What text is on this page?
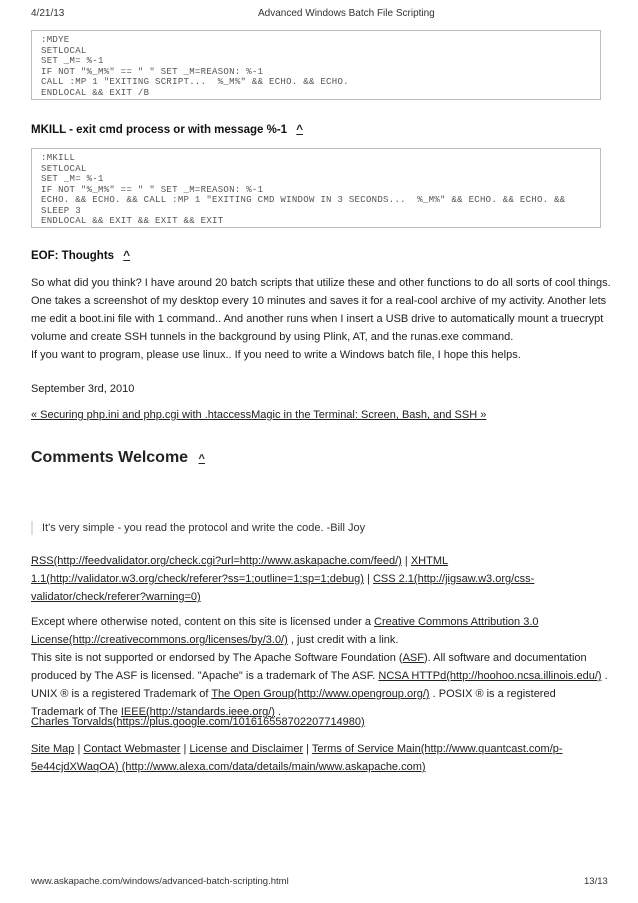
4/21/13	Advanced Windows Batch File Scripting
:MDYE
SETLOCAL
SET _M= %-1
IF NOT "%_M%" == " " SET _M=REASON: %-1
CALL :MP 1 "EXITING SCRIPT...  %_M%" && ECHO. && ECHO.
ENDLOCAL && EXIT /B
MKILL - exit cmd process or with message %-1 ^
:MKILL
SETLOCAL
SET _M= %-1
IF NOT "%_M%" == " " SET _M=REASON: %-1
ECHO. && ECHO. && CALL :MP 1 "EXITING CMD WINDOW IN 3 SECONDS...  %_M%" && ECHO. && ECHO. &&
SLEEP 3
ENDLOCAL && EXIT && EXIT && EXIT
EOF: Thoughts ^

So what did you think? I have around 20 batch scripts that utilize these and other functions to do all sorts of cool things. One takes a screenshot of my desktop every 10 minutes and saves it for a real-cool archive of my activity. Another lets me edit a boot.ini file with 1 command.. And another runs when I insert a USB drive to automatically mount a truecrypt volume and create SSH tunnels in the background by using Plink, AT, and the runas.exe command.

If you want to program, please use linux.. If you need to write a Windows batch file, I hope this helps.

September 3rd, 2010

« Securing php.ini and php.cgi with .htaccessMagic in the Terminal: Screen, Bash, and SSH »

Comments Welcome ^
It's very simple - you read the protocol and write the code. -Bill Joy

RSS(http://feedvalidator.org/check.cgi?url=http://www.askapache.com/feed/) | XHTML 1.1(http://validator.w3.org/check/referer?ss=1;outline=1;sp=1;debug) | CSS 2.1(http://jigsaw.w3.org/css-validator/check/referer?warning=0)

Except where otherwise noted, content on this site is licensed under a Creative Commons Attribution 3.0 License(http://creativecommons.org/licenses/by/3.0/) , just credit with a link.
This site is not supported or endorsed by The Apache Software Foundation (ASF). All software and documentation produced by The ASF is licensed. "Apache" is a trademark of The ASF. NCSA HTTPd(http://hoohoo.ncsa.illinois.edu/) . UNIX ® is a registered Trademark of The Open Group(http://www.opengroup.org/) . POSIX ® is a registered Trademark of The IEEE(http://standards.ieee.org/) .

Charles Torvalds(https://plus.google.com/101616558702207714980)

Site Map | Contact Webmaster | License and Disclaimer | Terms of Service Main(http://www.quantcast.com/p-5e44cjdXWaqOA) (http://www.alexa.com/data/details/main/www.askapache.com)

www.askapache.com/windows/advanced-batch-scripting.html	13/13
